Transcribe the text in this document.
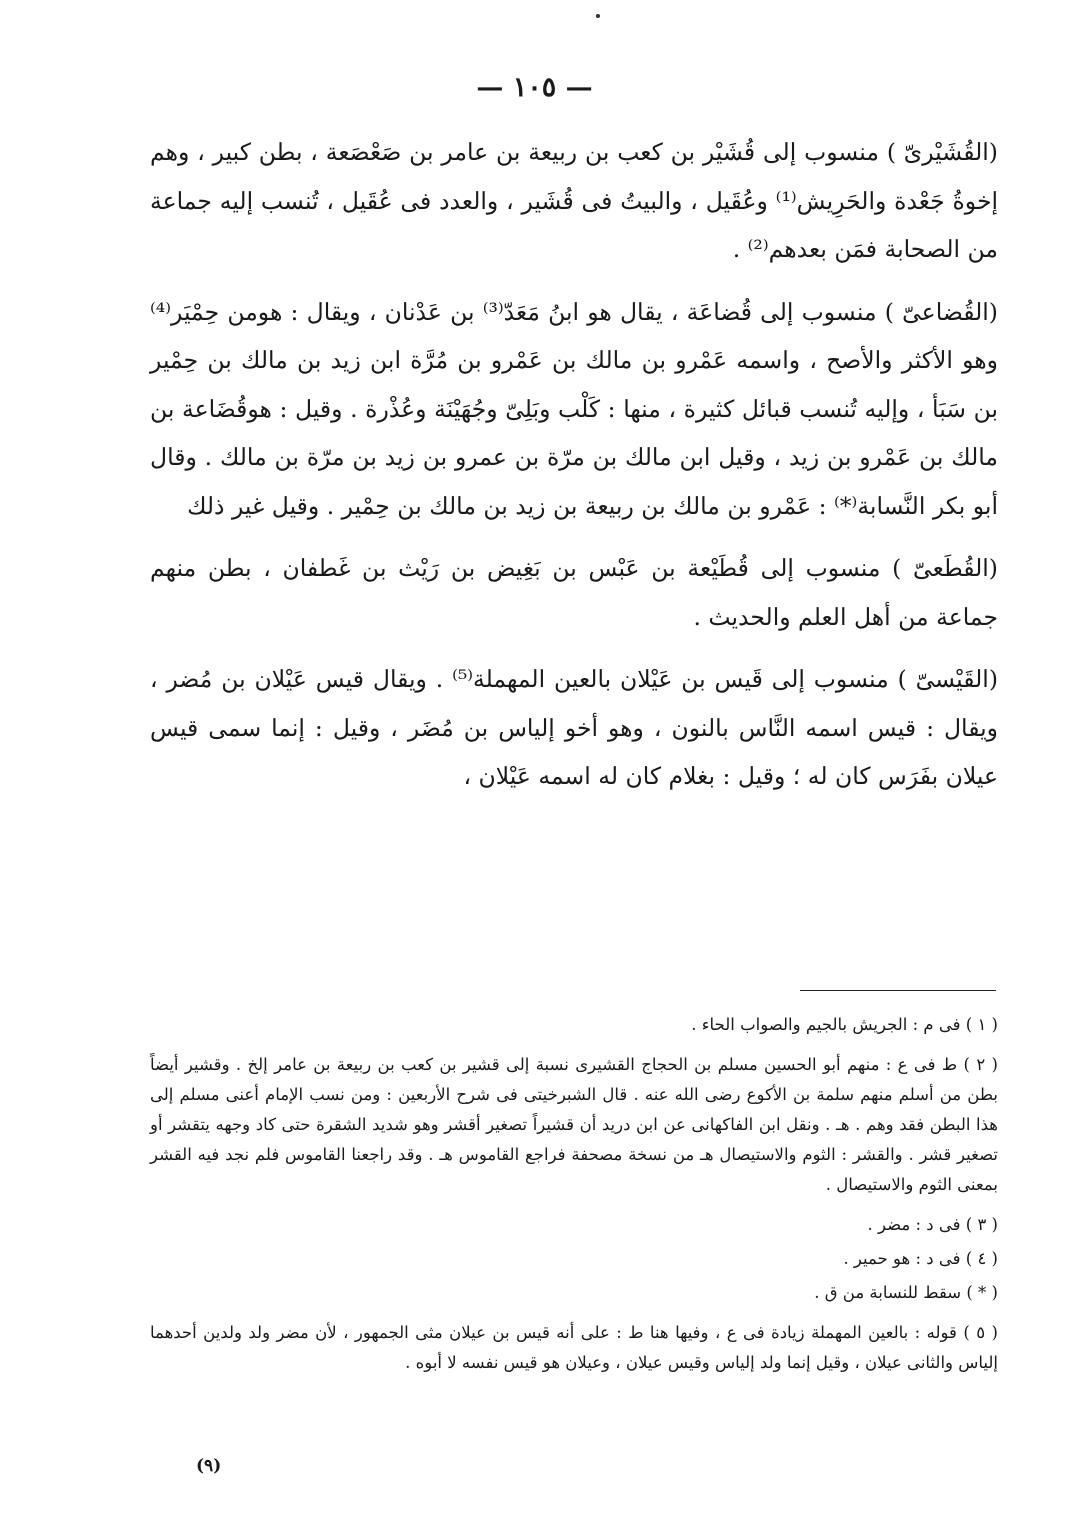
— ١٠٥ —

(القُشَيْرىّ ) منسوب إلى قُشَيْر بن كعب بن ربيعة بن عامر بن صَعْصَعة ، بطن كبير ، وهم إخوةُ جَعْدة والحَرِيش⁽¹⁾ وعُقَيل ، والبيتُ فى قُشَير ، والعدد فى عُقَيل ، تُنسب إليه جماعة من الصحابة فمَن بعدهم⁽²⁾ .

(القُضاعىّ ) منسوب إلى قُضاعَة ، يقال هو ابنُ مَعَدّ⁽³⁾ بن عَدْنان ، ويقال : هومن حِمْيَر⁽⁴⁾ وهو الأكثر والأصح ، واسمه عَمْرو بن مالك بن عَمْرو بن مُرَّة ابن زيد بن مالك بن حِمْير بن سَبَأ ، وإليه تُنسب قبائل كثيرة ، منها : كَلْب وبَلِىّ وجُهَيْنَة وعُذْرة . وقيل : هوقُضَاعة بن مالك بن عَمْرو بن زيد ، وقيل ابن مالك بن مرّة بن عمرو بن زيد بن مرّة بن مالك . وقال أبو بكر النَّسابة⁽*⁾ : عَمْرو بن مالك بن ربيعة بن زيد بن مالك بن حِمْير . وقيل غير ذلك

(القُطَعىّ ) منسوب إلى قُطَيْعة بن عَبْس بن بَغِيض بن رَيْث بن غَطفان ، بطن منهم جماعة من أهل العلم والحديث .

(القَيْسىّ ) منسوب إلى قَيس بن عَيْلان بالعين المهملة⁽⁵⁾ . ويقال قيس عَيْلان بن مُضر ، ويقال : قيس اسمه النَّاس بالنون ، وهو أخو إلياس بن مُضَر ، وقيل : إنما سمى قيس عيلان بفَرَس كان له ؛ وقيل : بغلام كان له اسمه عَيْلان ،

( ١ ) فى م : الجريش بالجيم والصواب الحاء .

( ٢ ) ط فى ع : منهم أبو الحسين مسلم بن الحجاج القشيرى نسبة إلى قشير بن كعب بن ربيعة بن عامر إلخ . وقشير أيضاً بطن من أسلم منهم سلمة بن الأكوع رضى الله عنه . قال الشبرخيتى فى شرح الأربعين : ومن نسب الإمام أعنى مسلم إلى هذا البطن فقد وهم . هـ . ونقل ابن الفاكهانى عن ابن دريد أن قشيراً تصغير أقشر وهو شديد الشقرة حتى كاد وجهه يتقشر أو تصغير قشر . والقشر : الثوم والاستيصال هـ من نسخة مصحفة فراجع القاموس هـ . وقد راجعنا القاموس فلم نجد فيه القشر بمعنى الثوم والاستيصال .

( ٣ ) فى د : مضر .

( ٤ ) فى د : هو حمير .

( * ) سقط للنسابة من ق .

( ٥ ) قوله : بالعين المهملة زيادة فى ع ، وفيها هنا ط : على أنه قيس بن عيلان مثى الجمهور ، لأن مضر ولد ولدين أحدهما إلياس والثانى عيلان ، وقيل إنما ولد إلياس وقيس عيلان ، وعيلان هو قيس نفسه لا أبوه .

(٩)
